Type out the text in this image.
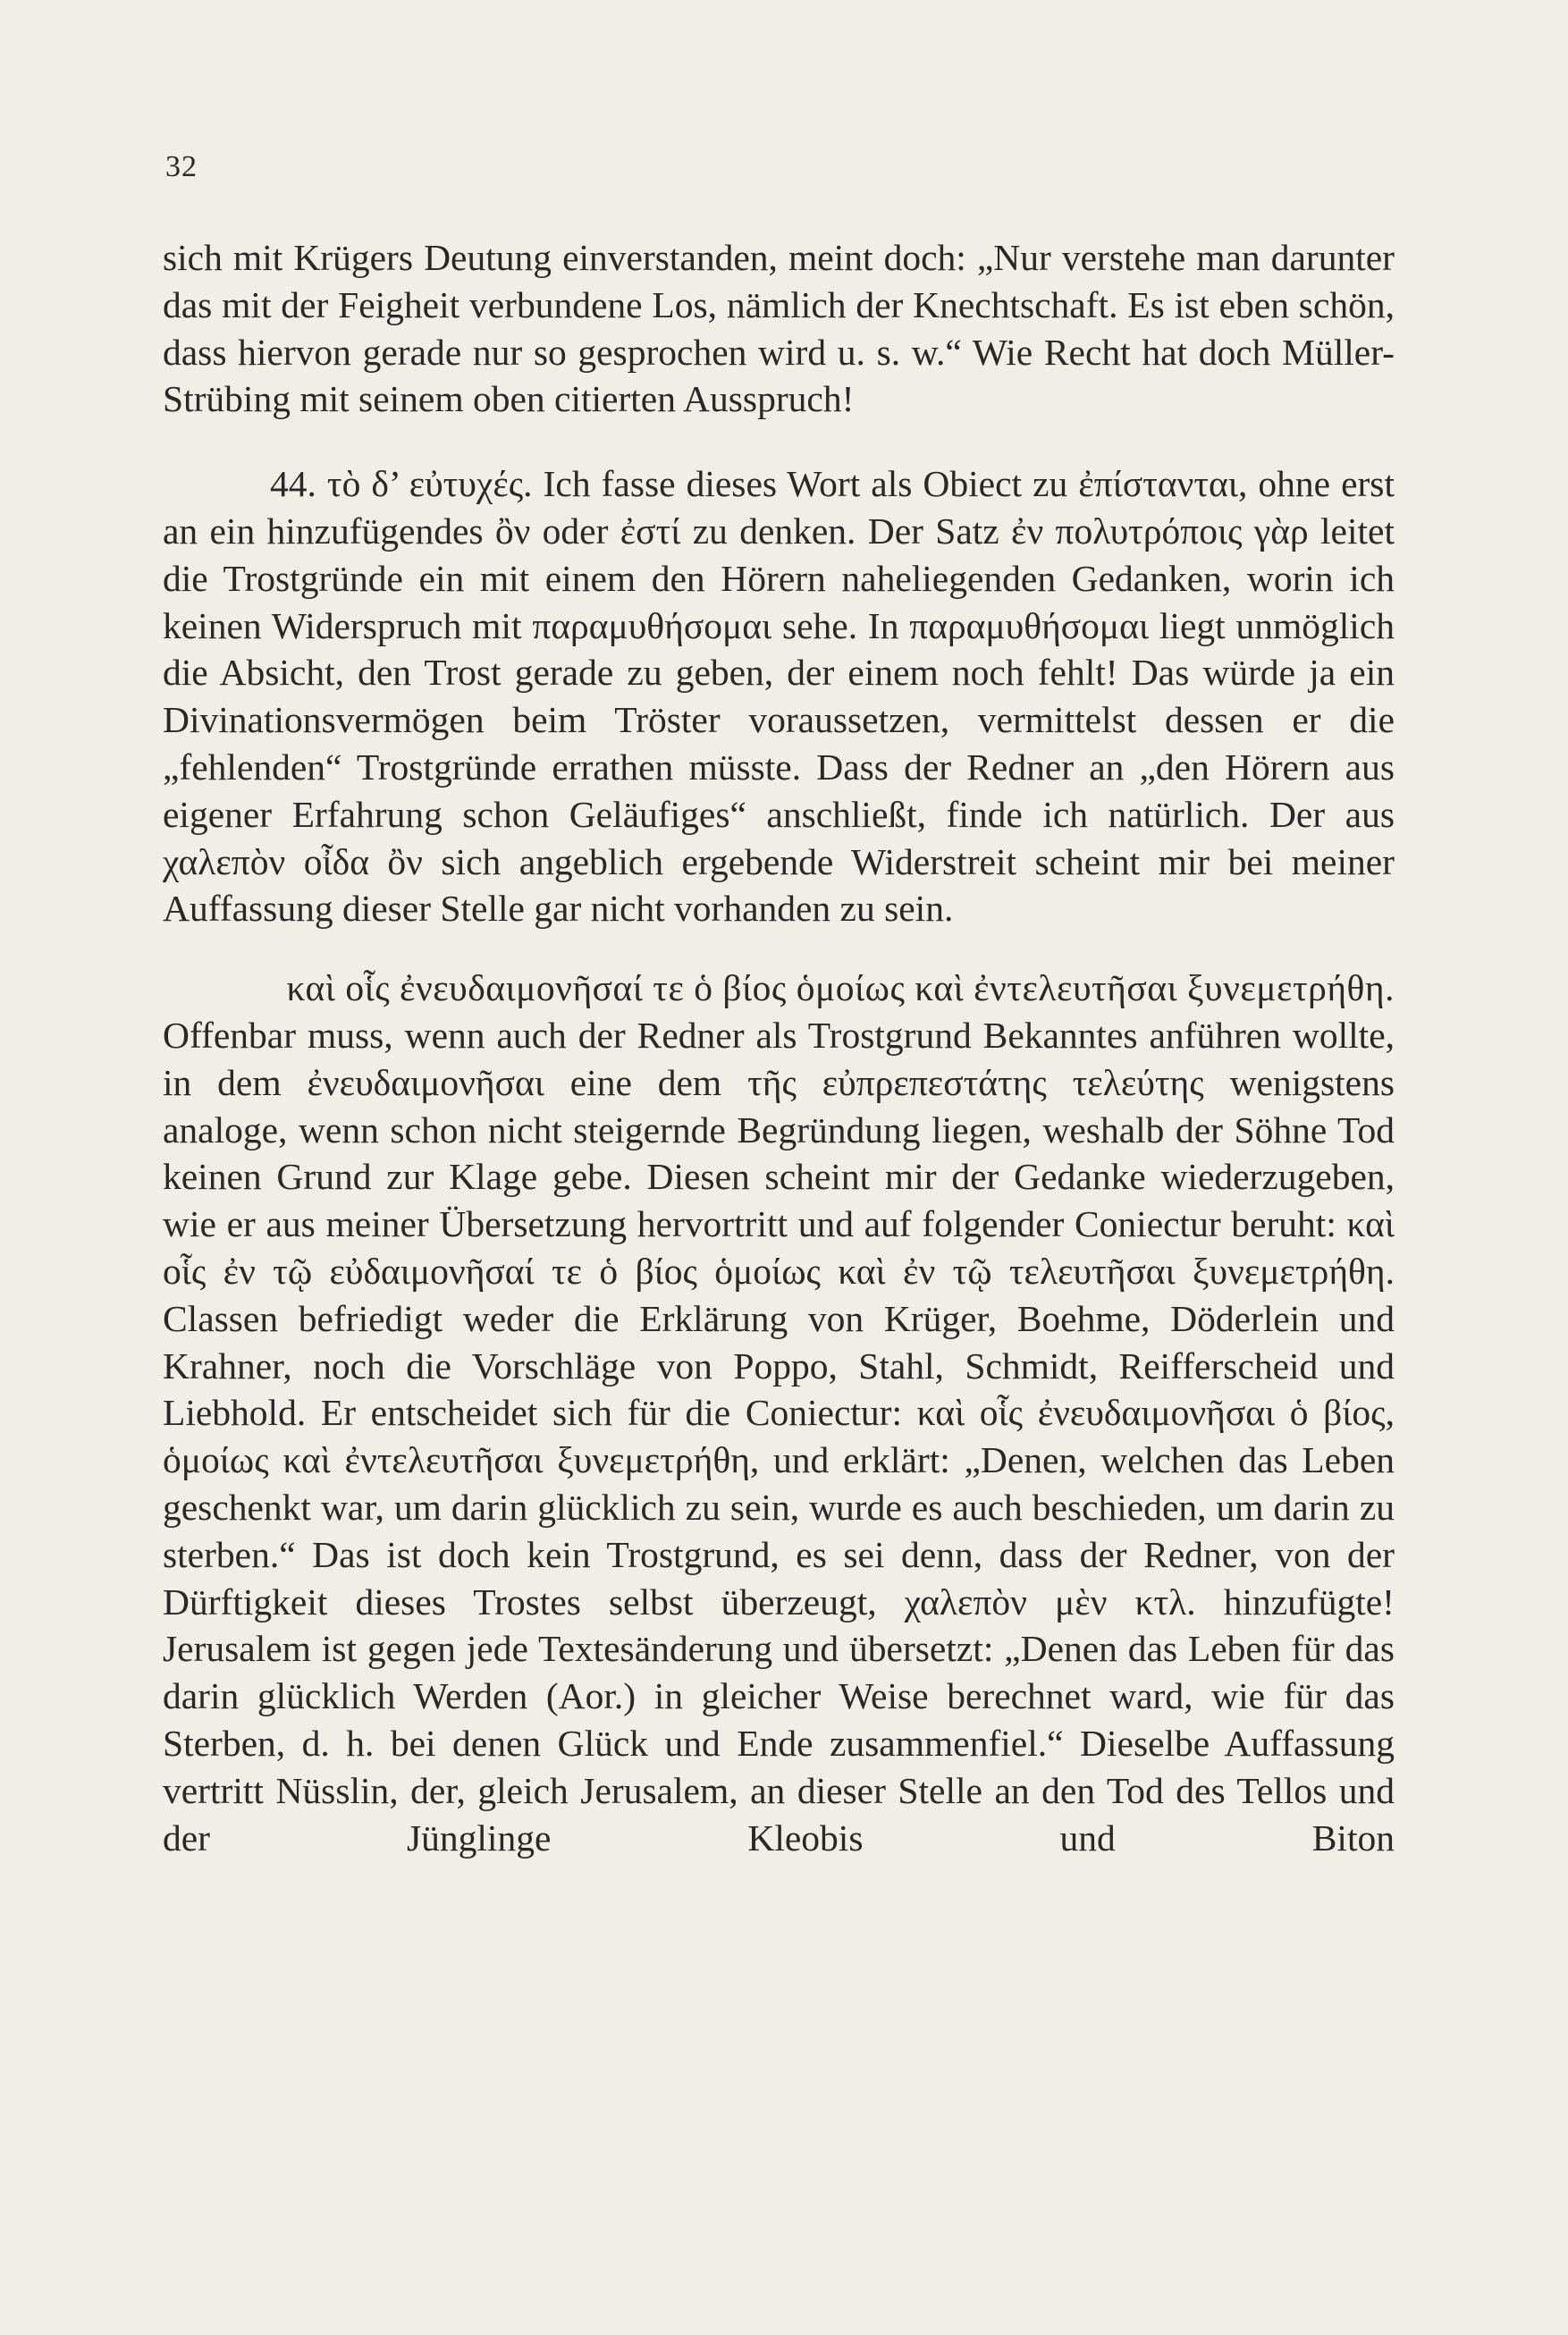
32

sich mit Krügers Deutung einverstanden, meint doch: „Nur verstehe man darunter das mit der Feigheit verbundene Los, nämlich der Knechtschaft. Es ist eben schön, dass hiervon gerade nur so gesprochen wird u. s. w.“ Wie Recht hat doch Müller-Strübing mit seinem oben citierten Ausspruch!

44. τὸ δ’ εὐτυχές. Ich fasse dieses Wort als Obiect zu ἐπίστανται, ohne erst an ein hinzufügendes ὂν oder ἐστί zu denken. Der Satz ἐν πολυτρόποις γὰρ leitet die Trostgründe ein mit einem den Hörern naheliegenden Gedanken, worin ich keinen Widerspruch mit παραμυθήσομαι sehe. In παραμυθήσομαι liegt unmöglich die Absicht, den Trost gerade zu geben, der einem noch fehlt! Das würde ja ein Divinationsvermögen beim Tröster voraussetzen, vermittelst dessen er die „fehlenden“ Trostgründe errathen müsste. Dass der Redner an „den Hörern aus eigener Erfahrung schon Geläufiges“ anschließt, finde ich natürlich. Der aus χαλεπὸν οἶδα ὂν sich angeblich ergebende Widerstreit scheint mir bei meiner Auffassung dieser Stelle gar nicht vorhanden zu sein.

καὶ οἷς ἐνευδαιμονῆσαί τε ὁ βίος ὁμοίως καὶ ἐντελευτῆσαι ξυνεμετρήθη.

Offenbar muss, wenn auch der Redner als Trostgrund Bekanntes anführen wollte, in dem ἐνευδαιμονῆσαι eine dem τῆς εὐπρεπεστάτης τελεύτης wenigstens analoge, wenn schon nicht steigernde Begründung liegen, weshalb der Söhne Tod keinen Grund zur Klage gebe. Diesen scheint mir der Gedanke wiederzugeben, wie er aus meiner Übersetzung hervortritt und auf folgender Coniectur beruht: καὶ οἷς ἐν τῷ εὐδαιμονῆσαί τε ὁ βίος ὁμοίως καὶ ἐν τῷ τελευτῆσαι ξυνεμετρήθη. Classen befriedigt weder die Erklärung von Krüger, Boehme, Döderlein und Krahner, noch die Vorschläge von Poppo, Stahl, Schmidt, Reifferscheid und Liebhold. Er entscheidet sich für die Coniectur: καὶ οἷς ἐνευδαιμονῆσαι ὁ βίος, ὁμοίως καὶ ἐντελευτῆσαι ξυνεμετρήθη, und erklärt: „Denen, welchen das Leben geschenkt war, um darin glücklich zu sein, wurde es auch beschieden, um darin zu sterben.“ Das ist doch kein Trostgrund, es sei denn, dass der Redner, von der Dürftigkeit dieses Trostes selbst überzeugt, χαλεπὸν μὲν κτλ. hinzufügte! Jerusalem ist gegen jede Textesänderung und übersetzt: „Denen das Leben für das darin glücklich Werden (Aor.) in gleicher Weise berechnet ward, wie für das Sterben, d. h. bei denen Glück und Ende zusammenfiel.“ Dieselbe Auffassung vertritt Nüsslin, der, gleich Jerusalem, an dieser Stelle an den Tod des Tellos und der Jünglinge Kleobis und Biton
